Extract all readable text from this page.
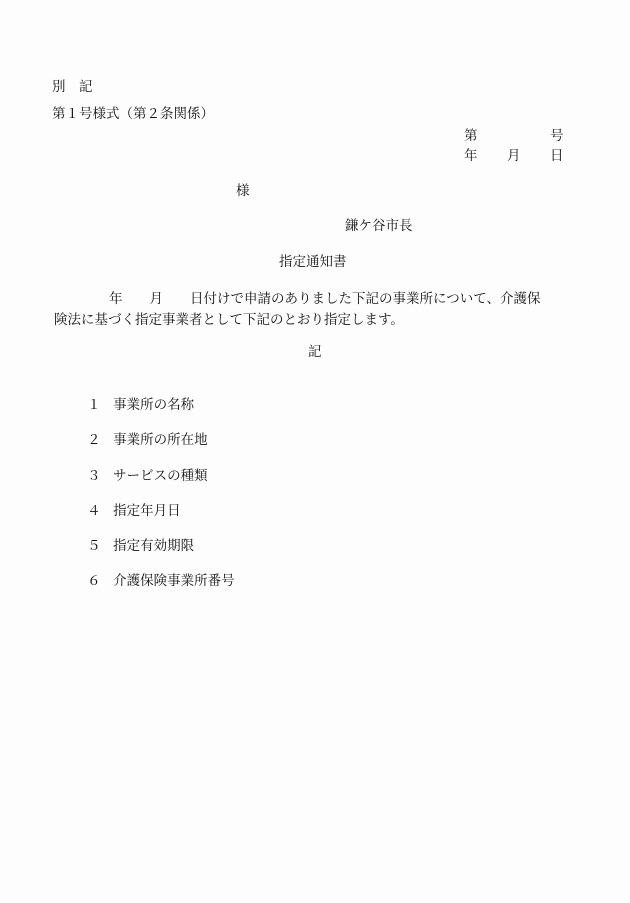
別　記
第１号様式（第２条関係）

第

	号

年

月

日

様
鎌ケ谷市長
指定通知書
年　　月　　日付けで申請のありました下記の事業所について、介護保
険法に基づく指定事業者として下記のとおり指定します。
記

１ 事業所の名称

２ 事業所の所在地

３ サービスの種類

４ 指定年月日

５ 指定有効期限

６ 介護保険事業所番号
